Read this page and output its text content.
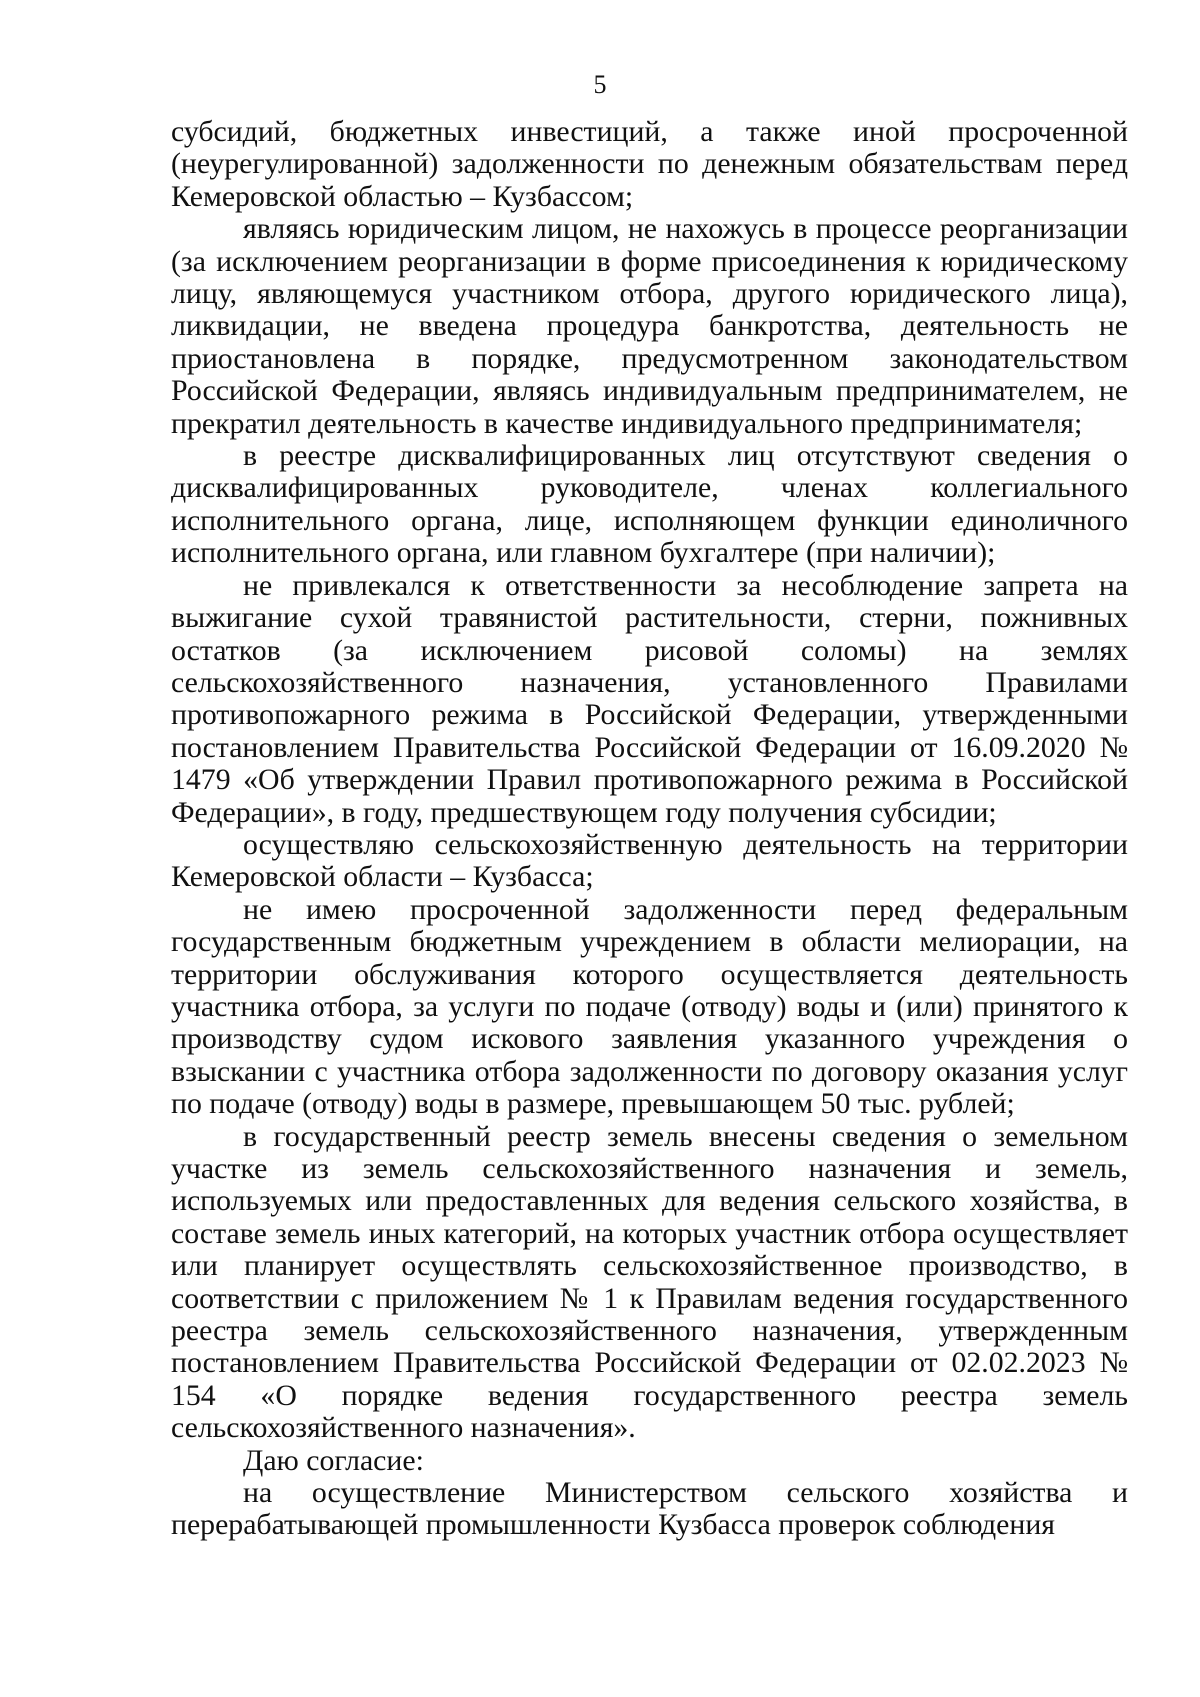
5

субсидий, бюджетных инвестиций, а также иной просроченной (неурегулированной) задолженности по денежным обязательствам перед Кемеровской областью – Кузбассом;

являясь юридическим лицом, не нахожусь в процессе реорганизации (за исключением реорганизации в форме присоединения к юридическому лицу, являющемуся участником отбора, другого юридического лица), ликвидации, не введена процедура банкротства, деятельность не приостановлена в порядке, предусмотренном законодательством Российской Федерации, являясь индивидуальным предпринимателем, не прекратил деятельность в качестве индивидуального предпринимателя;

в реестре дисквалифицированных лиц отсутствуют сведения о дисквалифицированных руководителе, членах коллегиального исполнительного органа, лице, исполняющем функции единоличного исполнительного органа, или главном бухгалтере (при наличии);

не привлекался к ответственности за несоблюдение запрета на выжигание сухой травянистой растительности, стерни, пожнивных остатков (за исключением рисовой соломы) на землях сельскохозяйственного назначения, установленного Правилами противопожарного режима в Российской Федерации, утвержденными постановлением Правительства Российской Федерации от 16.09.2020 № 1479 «Об утверждении Правил противопожарного режима в Российской Федерации», в году, предшествующем году получения субсидии;

осуществляю сельскохозяйственную деятельность на территории Кемеровской области – Кузбасса;

не имею просроченной задолженности перед федеральным государственным бюджетным учреждением в области мелиорации, на территории обслуживания которого осуществляется деятельность участника отбора, за услуги по подаче (отводу) воды и (или) принятого к производству судом искового заявления указанного учреждения о взыскании с участника отбора задолженности по договору оказания услуг по подаче (отводу) воды в размере, превышающем 50 тыс. рублей;

в государственный реестр земель внесены сведения о земельном участке из земель сельскохозяйственного назначения и земель, используемых или предоставленных для ведения сельского хозяйства, в составе земель иных категорий, на которых участник отбора осуществляет или планирует осуществлять сельскохозяйственное производство, в соответствии с приложением № 1 к Правилам ведения государственного реестра земель сельскохозяйственного назначения, утвержденным постановлением Правительства Российской Федерации от 02.02.2023 № 154 «О порядке ведения государственного реестра земель сельскохозяйственного назначения».

Даю согласие:

на осуществление Министерством сельского хозяйства и перерабатывающей промышленности Кузбасса проверок соблюдения
